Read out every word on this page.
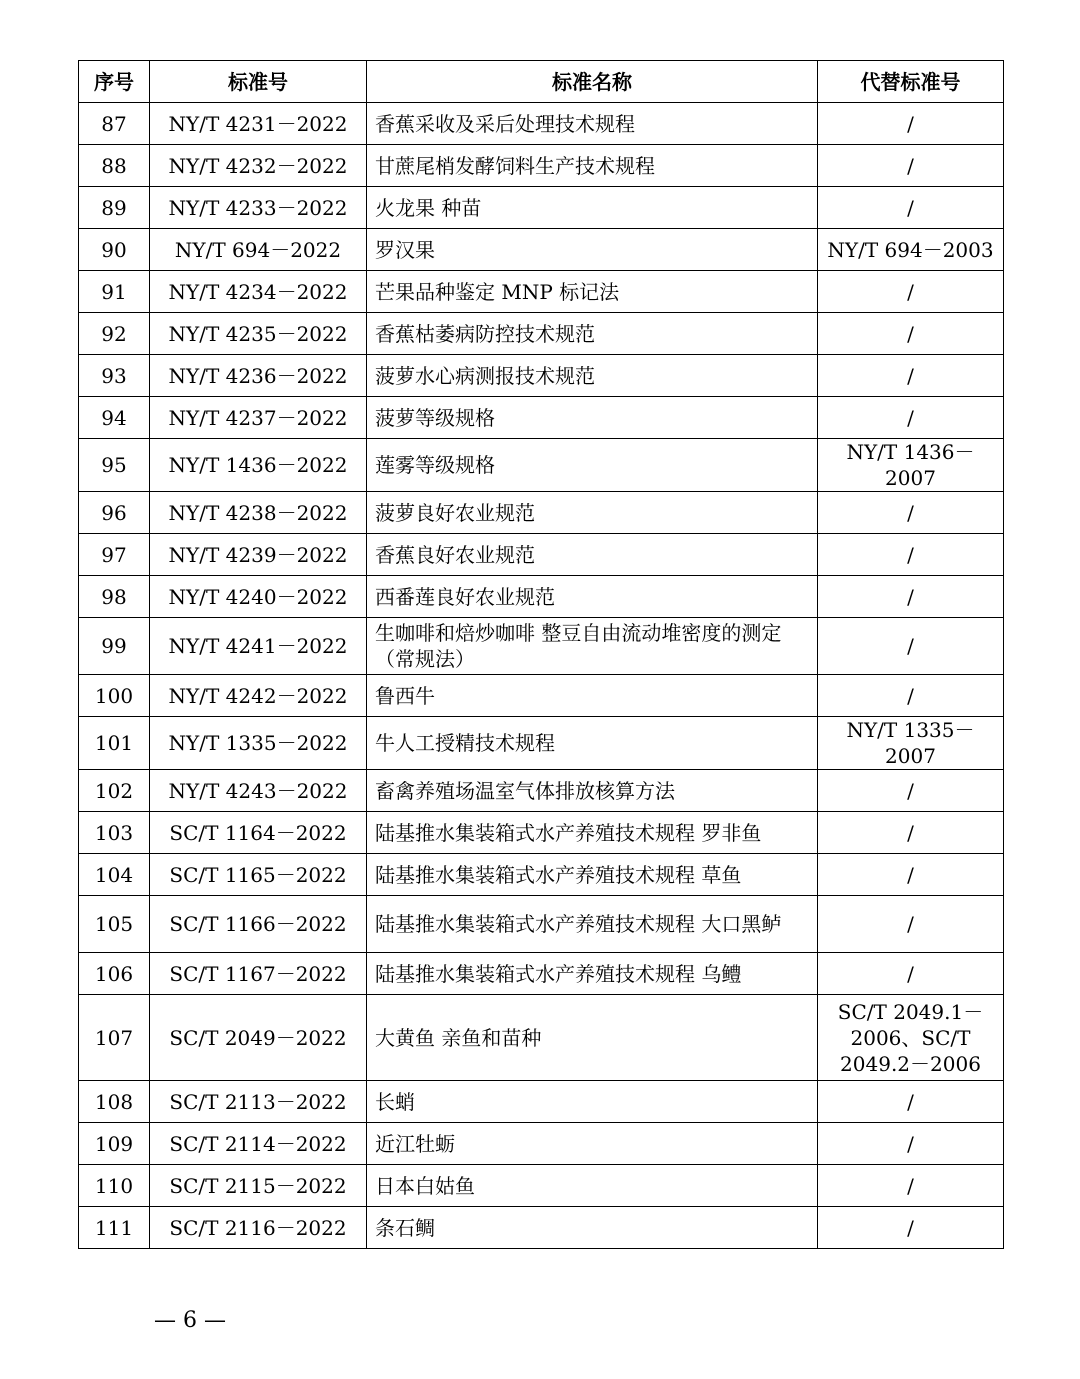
序号	标准号	标准名称	代替标准号
87	NY/T 4231－2022	香蕉采收及采后处理技术规程	/
88	NY/T 4232－2022	甘蔗尾梢发酵饲料生产技术规程	/
89	NY/T 4233－2022	火龙果 种苗	/
90	NY/T 694－2022	罗汉果	NY/T 694－2003
91	NY/T 4234－2022	芒果品种鉴定 MNP 标记法	/
92	NY/T 4235－2022	香蕉枯萎病防控技术规范	/
93	NY/T 4236－2022	菠萝水心病测报技术规范	/
94	NY/T 4237－2022	菠萝等级规格	/
95	NY/T 1436－2022	莲雾等级规格	NY/T 1436－2007
96	NY/T 4238－2022	菠萝良好农业规范	/
97	NY/T 4239－2022	香蕉良好农业规范	/
98	NY/T 4240－2022	西番莲良好农业规范	/
99	NY/T 4241－2022	生咖啡和焙炒咖啡 整豆自由流动堆密度的测定（常规法）	/
100	NY/T 4242－2022	鲁西牛	/
101	NY/T 1335－2022	牛人工授精技术规程	NY/T 1335－2007
102	NY/T 4243－2022	畜禽养殖场温室气体排放核算方法	/
103	SC/T 1164－2022	陆基推水集装箱式水产养殖技术规程 罗非鱼	/
104	SC/T 1165－2022	陆基推水集装箱式水产养殖技术规程 草鱼	/
105	SC/T 1166－2022	陆基推水集装箱式水产养殖技术规程 大口黑鲈	/
106	SC/T 1167－2022	陆基推水集装箱式水产养殖技术规程 乌鳢	/
107	SC/T 2049－2022	大黄鱼 亲鱼和苗种	SC/T 2049.1－2006、SC/T 2049.2－2006
108	SC/T 2113－2022	长蛸	/
109	SC/T 2114－2022	近江牡蛎	/
110	SC/T 2115－2022	日本白姑鱼	/
111	SC/T 2116－2022	条石鲷	/
— 6 —
